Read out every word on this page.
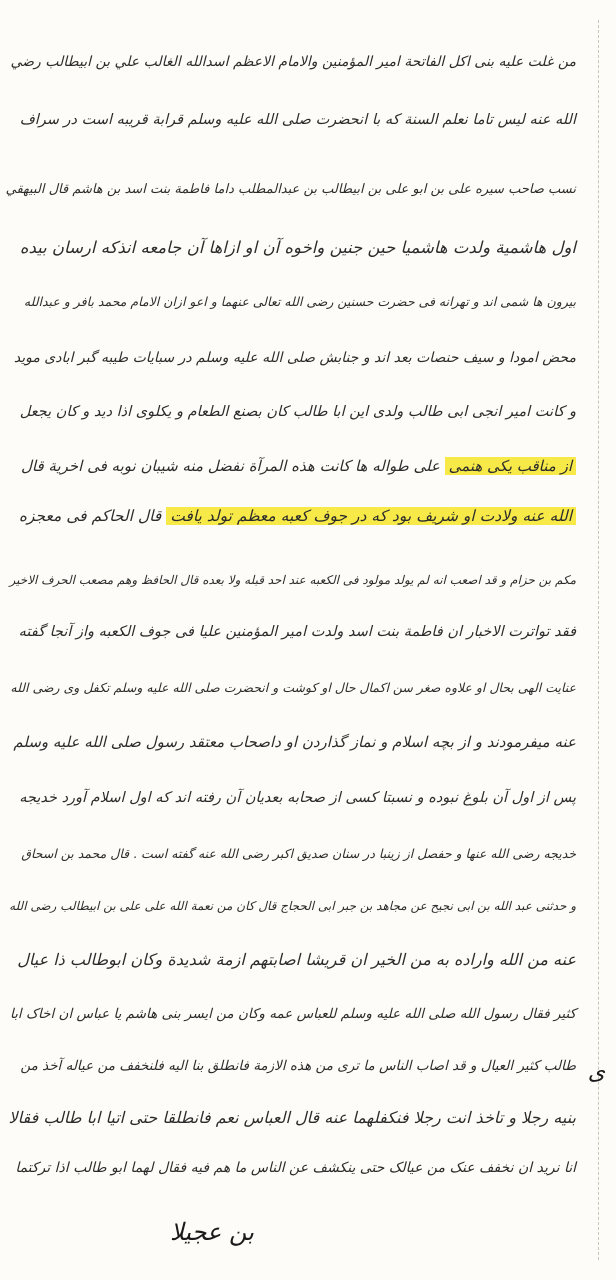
من غلت عليه بنى اكل الفاتحة امير المؤمنين والامام الاعظم اسدالله الغالب علي بن ابيطالب رضي
الله عنه ليس تاما نعلم السنة كه با انحضرت صلى الله عليه وسلم قرابة قريبه است در سراف
نسب صاحب سيره على بن ابو على بن ابيطالب بن عبدالمطلب داما فاطمة بنت اسد بن هاشم قال البيهقي
اول هاشمية ولدت هاشميا حين جنين واخوه آن او ازاها آن جامعه انذكه ارسان بيده
بيرون ها شمی اند و تهرانه فی حضرت حسنین رضی الله تعالى عنهما و اعو ازان الامام محمد بافر و عبدالله
محض امودا و سیف حنصات بعد اند و جنابش صلی الله علیه وسلم در سبایات طیبه گبر ابادی موید
و کانت امیر انجی ابی طالب ولدی این ابا طالب کان بصنع الطعام و یکلوی اذا دید و کان یجعل
از مناقب یکی هنمی علی طواله ها کانت هذه المرآة نفضل منه شیبان نوبه فی اخریة قال
الله عنه ولادت او شریف بود که در جوف کعبه معظم تولد یافت قال الحاکم فی معجزه
مکم بن حزام و قد اصعب انه لم یولد مولود فی الکعبه عند احد قبله ولا بعده قال الحافظ وهم مصعب الحرف الاخیر
فقد تواترت الاخبار ان فاطمة بنت اسد ولدت امیر المؤمنین علیا فی جوف الکعبه واز آنجا گفته
عنایت الهی بحال او علاوه صغر سن اکمال حال او کوشت و انحضرت صلی الله علیه وسلم تکفل وی رضی الله
عنه میفرمودند و از بچه اسلام و نماز گذاردن او داصحاب معتقد رسول صلی الله علیه وسلم
پس از اول آن بلوغ نبوده و نسبتا کسی از صحابه بعدیان آن رفته اند که اول اسلام آورد خدیجه
خدیجه رضی الله عنها و حفصل از زینبا در سنان صدیق اکبر رضی الله عنه گفته است . قال محمد بن اسحاق
و حدثنی عبد الله بن ابی نجیح عن مجاهد بن جبر ابی الحجاج قال کان من نعمة الله علی علی بن ابیطالب رضی الله
عنه من الله واراده به من الخیر ان قریشا اصابتهم ازمة شدیدة وکان ابوطالب ذا عیال
کثیر فقال رسول الله صلی الله علیه وسلم للعباس عمه وکان من ایسر بنی هاشم یا عباس ان اخاک ابا
طالب کثیر العیال و قد اصاب الناس ما تری من هذه الازمة فانطلق بنا الیه فلنخفف من عیاله آخذ من
بنیه رجلا و تاخذ انت رجلا فنکفلهما عنه قال العباس نعم فانطلقا حتی اتیا ابا طالب فقالا
انا نرید ان نخفف عنک من عیالک حتی ینکشف عن الناس ما هم فیه فقال لهما ابو طالب اذا ترکتما
ی
بن عجیلا
